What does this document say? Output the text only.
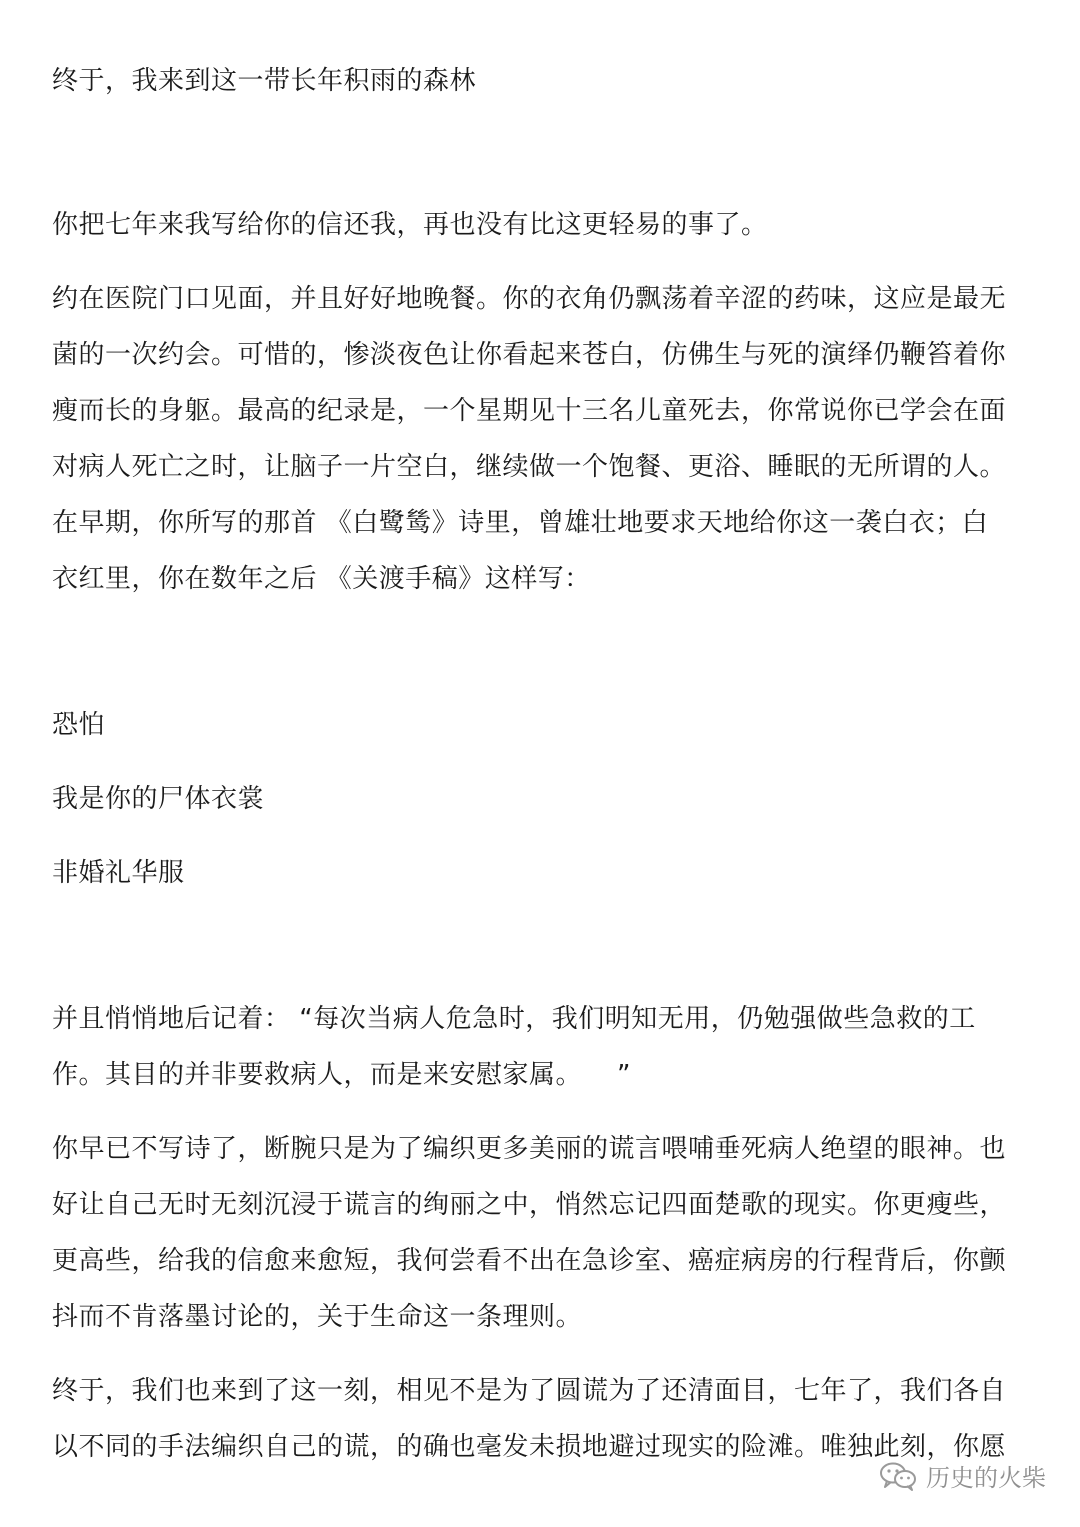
终于，我来到这一带长年积雨的森林
你把七年来我写给你的信还我，再也没有比这更轻易的事了。
约在医院门口见面，并且好好地晚餐。你的衣角仍飘荡着辛涩的药味，这应是最无
菌的一次约会。可惜的，惨淡夜色让你看起来苍白，仿佛生与死的演绎仍鞭笞着你
瘦而长的身躯。最高的纪录是，一个星期见十三名儿童死去，你常说你已学会在面
对病人死亡之时，让脑子一片空白，继续做一个饱餐、更浴、睡眠的无所谓的人。
在早期，你所写的那首 《白鹭鸶》诗里，曾雄壮地要求天地给你这一袭白衣；白
衣红里，你在数年之后 《关渡手稿》这样写：
恐怕
我是你的尸体衣裳
非婚礼华服
并且悄悄地后记着： “每次当病人危急时，我们明知无用，仍勉强做些急救的工
作。其目的并非要救病人，而是来安慰家属。    ”
你早已不写诗了，断腕只是为了编织更多美丽的谎言喂哺垂死病人绝望的眼神。也
好让自己无时无刻沉浸于谎言的绚丽之中，悄然忘记四面楚歌的现实。你更瘦些，
更高些，给我的信愈来愈短，我何尝看不出在急诊室、癌症病房的行程背后，你颤
抖而不肯落墨讨论的，关于生命这一条理则。
终于，我们也来到了这一刻，相见不是为了圆谎为了还清面目，七年了，我们各自
以不同的手法编织自己的谎，的确也毫发未损地避过现实的险滩。唯独此刻，你愿
历史的火柴
